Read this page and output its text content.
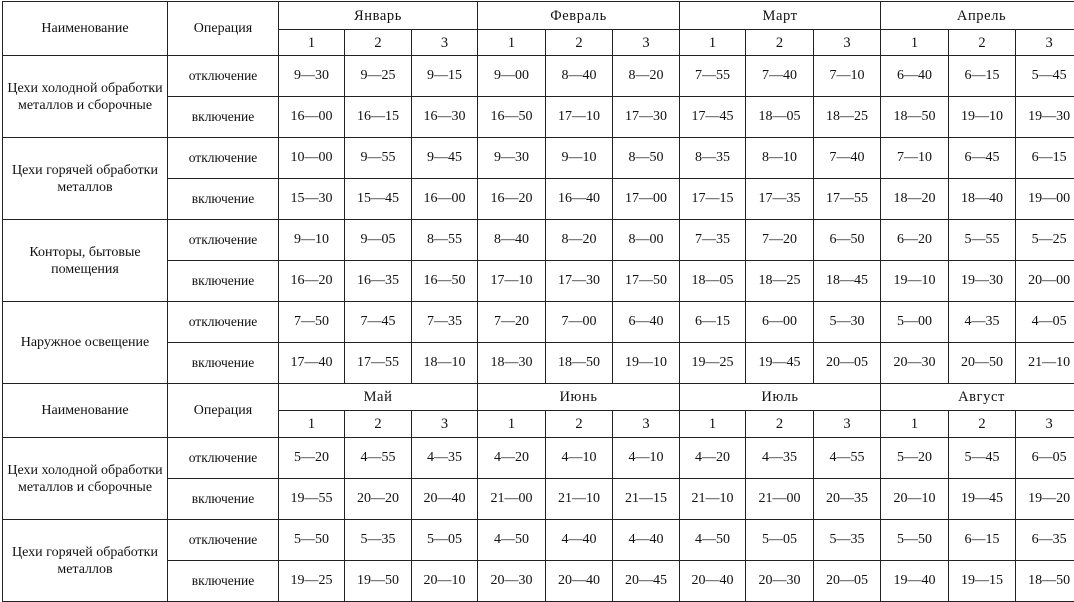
Наименование	Операция	Январь			Февраль			Март			Апрель		
		1	2	3	1	2	3	1	2	3	1	2	3
Цехи холодной обработки металлов и сборочные	отключение	9—30	9—25	9—15	9—00	8—40	8—20	7—55	7—40	7—10	6—40	6—15	5—45
	включение	16—00	16—15	16—30	16—50	17—10	17—30	17—45	18—05	18—25	18—50	19—10	19—30
Цехи горячей обработки металлов	отключение	10—00	9—55	9—45	9—30	9—10	8—50	8—35	8—10	7—40	7—10	6—45	6—15
	включение	15—30	15—45	16—00	16—20	16—40	17—00	17—15	17—35	17—55	18—20	18—40	19—00
Конторы, бытовые помещения	отключение	9—10	9—05	8—55	8—40	8—20	8—00	7—35	7—20	6—50	6—20	5—55	5—25
	включение	16—20	16—35	16—50	17—10	17—30	17—50	18—05	18—25	18—45	19—10	19—30	20—00
Наружное освещение	отключение	7—50	7—45	7—35	7—20	7—00	6—40	6—15	6—00	5—30	5—00	4—35	4—05
	включение	17—40	17—55	18—10	18—30	18—50	19—10	19—25	19—45	20—05	20—30	20—50	21—10
Наименование	Операция	Май			Июнь			Июль			Август		
		1	2	3	1	2	3	1	2	3	1	2	3
Цехи холодной обработки металлов и сборочные	отключение	5—20	4—55	4—35	4—20	4—10	4—10	4—20	4—35	4—55	5—20	5—45	6—05
	включение	19—55	20—20	20—40	21—00	21—10	21—15	21—10	21—00	20—35	20—10	19—45	19—20
Цехи горячей обработки металлов	отключение	5—50	5—35	5—05	4—50	4—40	4—40	4—50	5—05	5—35	5—50	6—15	6—35
	включение	19—25	19—50	20—10	20—30	20—40	20—45	20—40	20—30	20—05	19—40	19—15	18—50
